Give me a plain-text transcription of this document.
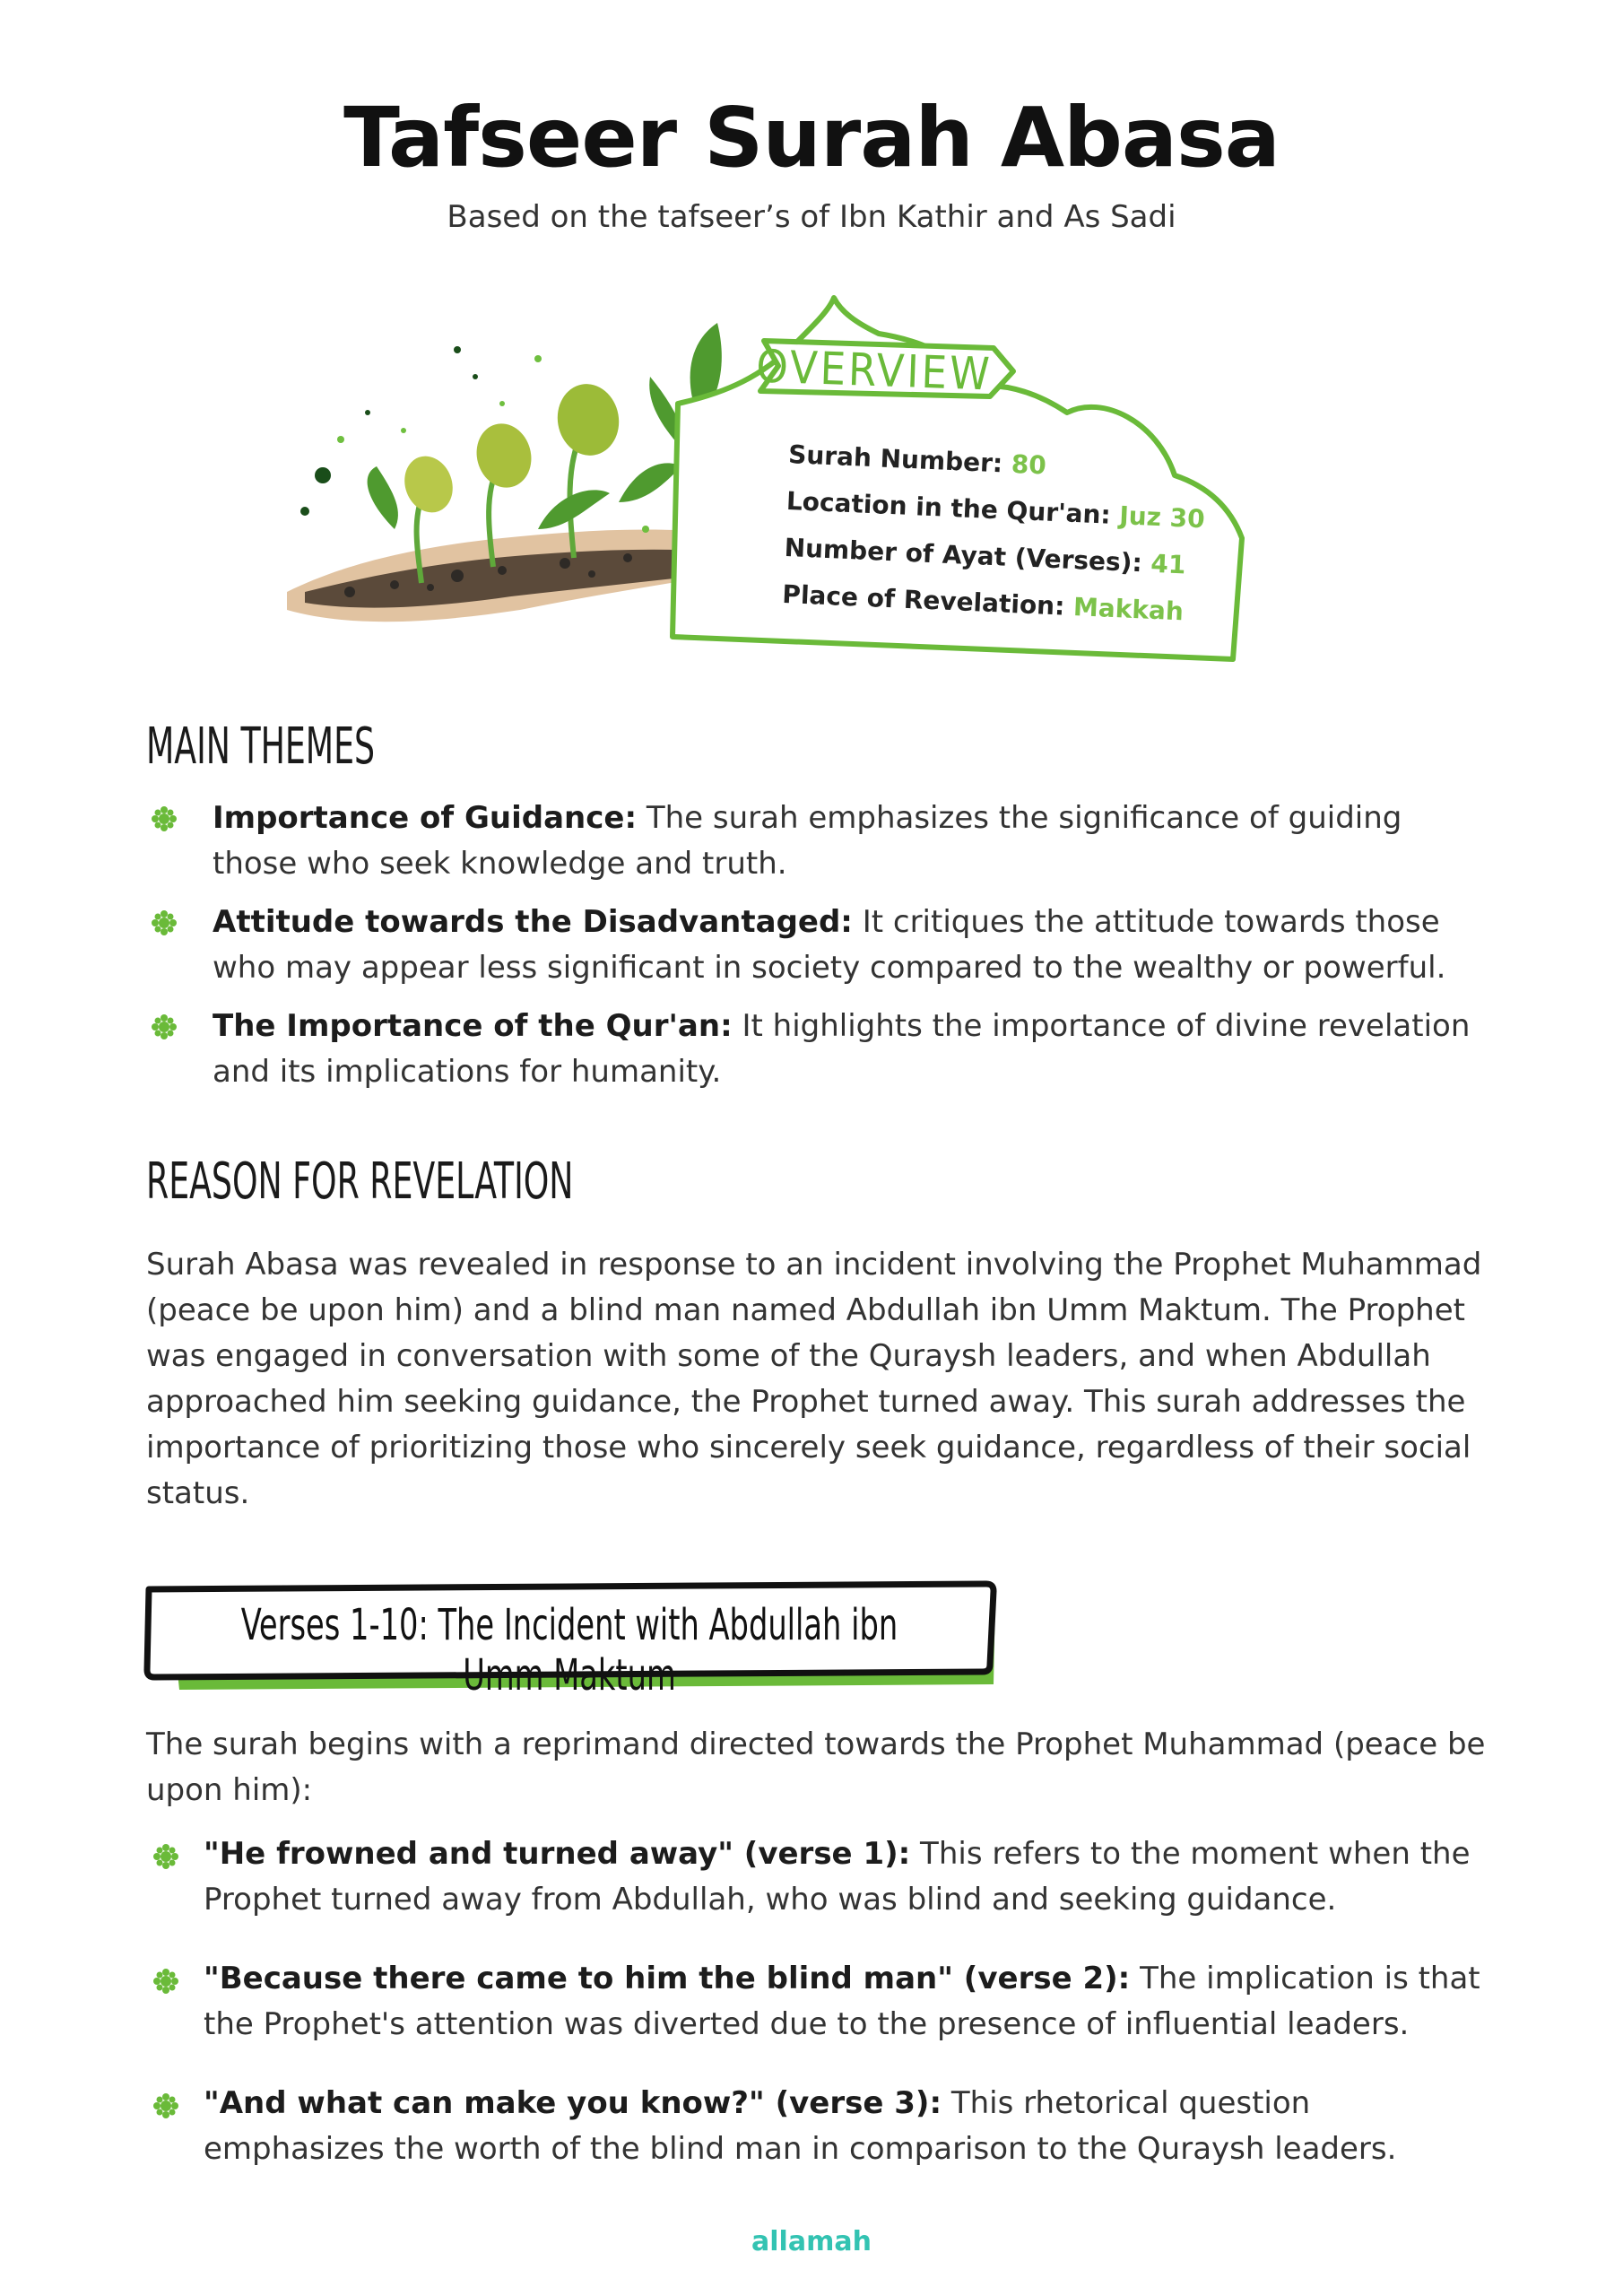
Tafseer Surah Abasa
Based on the tafseer’s of Ibn Kathir and As Sadi
OVERVIEW
Surah Number: 80
Location in the Qur'an: Juz 30
Number of Ayat (Verses): 41
Place of Revelation: Makkah
MAIN THEMES
Importance of Guidance: The surah emphasizes the significance of guiding those who seek knowledge and truth.
Attitude towards the Disadvantaged: It critiques the attitude towards those who may appear less significant in society compared to the wealthy or powerful.
The Importance of the Qur'an: It highlights the importance of divine revelation and its implications for humanity.
REASON FOR REVELATION
Surah Abasa was revealed in response to an incident involving the Prophet Muhammad (peace be upon him) and a blind man named Abdullah ibn Umm Maktum. The Prophet was engaged in conversation with some of the Quraysh leaders, and when Abdullah approached him seeking guidance, the Prophet turned away. This surah addresses the importance of prioritizing those who sincerely seek guidance, regardless of their social status.
Verses 1-10: The Incident with Abdullah ibn Umm Maktum
The surah begins with a reprimand directed towards the Prophet Muhammad (peace be upon him):
"He frowned and turned away" (verse 1): This refers to the moment when the Prophet turned away from Abdullah, who was blind and seeking guidance.
"Because there came to him the blind man" (verse 2): The implication is that the Prophet's attention was diverted due to the presence of influential leaders.
"And what can make you know?" (verse 3): This rhetorical question emphasizes the worth of the blind man in comparison to the Quraysh leaders.
allamah
